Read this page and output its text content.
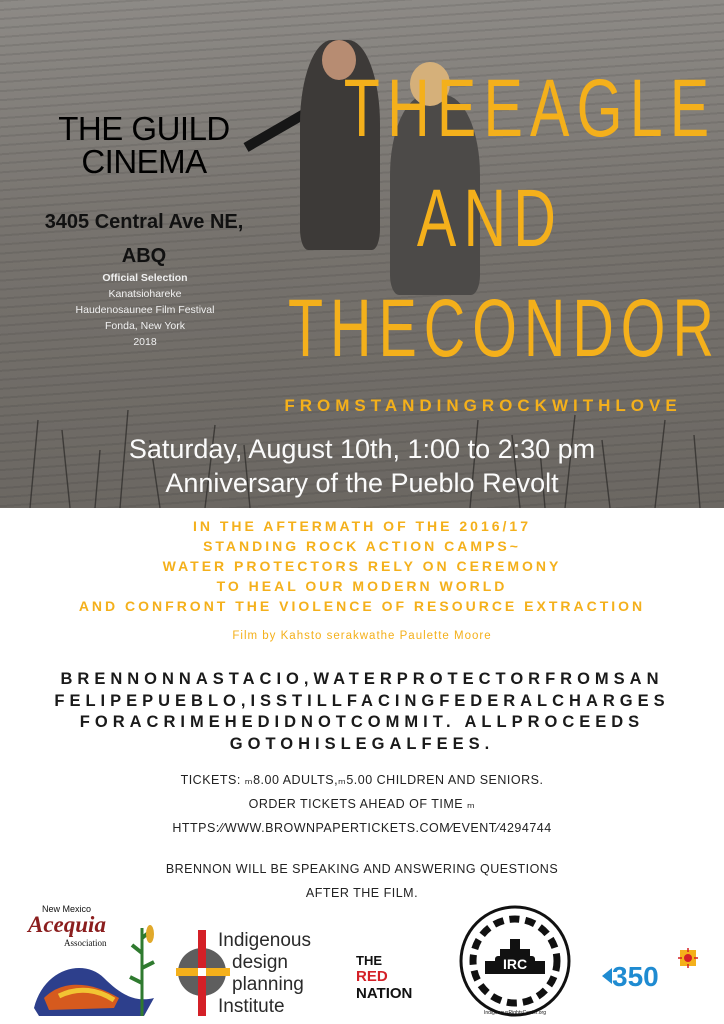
THE GUILD
CINEMA
3405 Central Ave NE,
ABQ
Official Selection
Kanatsiohareke
Haudenosaunee Film Festival
Fonda, New York
2018
THEEAGLE
AND
THECONDOR
FROMSTANDINGROCKWITHLOVE
Saturday, August 10th, 1:00 to 2:30 pm
Anniversary of the Pueblo Revolt
IN THE AFTERMATH OF THE 2016/17
STANDING ROCK ACTION CAMPS~
WATER PROTECTORS RELY ON CEREMONY
TO HEAL OUR MODERN WORLD
AND CONFRONT THE VIOLENCE OF RESOURCE EXTRACTION
Film by Kahsto serakwathe Paulette Moore
BRENNONNASTACIO,WATERPROTECTORFROMSAN
FELIPEPUEBLO,ISSTILLFACINGFEDERALCHARGES
FORACRIMEHEDIDNOTCOMMIT. ALLPROCEEDS
GOTOHISLEGALFEES.
TICKETS: ₘ8.00 ADULTS,ₘ5.00 CHILDREN AND SENIORS.
ORDER TICKETS AHEAD OF TIME ₘ
HTTPS:⁄⁄WWW.BROWNPAPERTICKETS.COM⁄EVENT⁄4294744
BRENNON WILL BE SPEAKING AND ANSWERING QUESTIONS
AFTER THE FILM.
New Mexico
Acequia
Association	Indigenous
design
planning
Institute
THE
RED
NATION
IRC
IndigenousRightsCenter.org
350
